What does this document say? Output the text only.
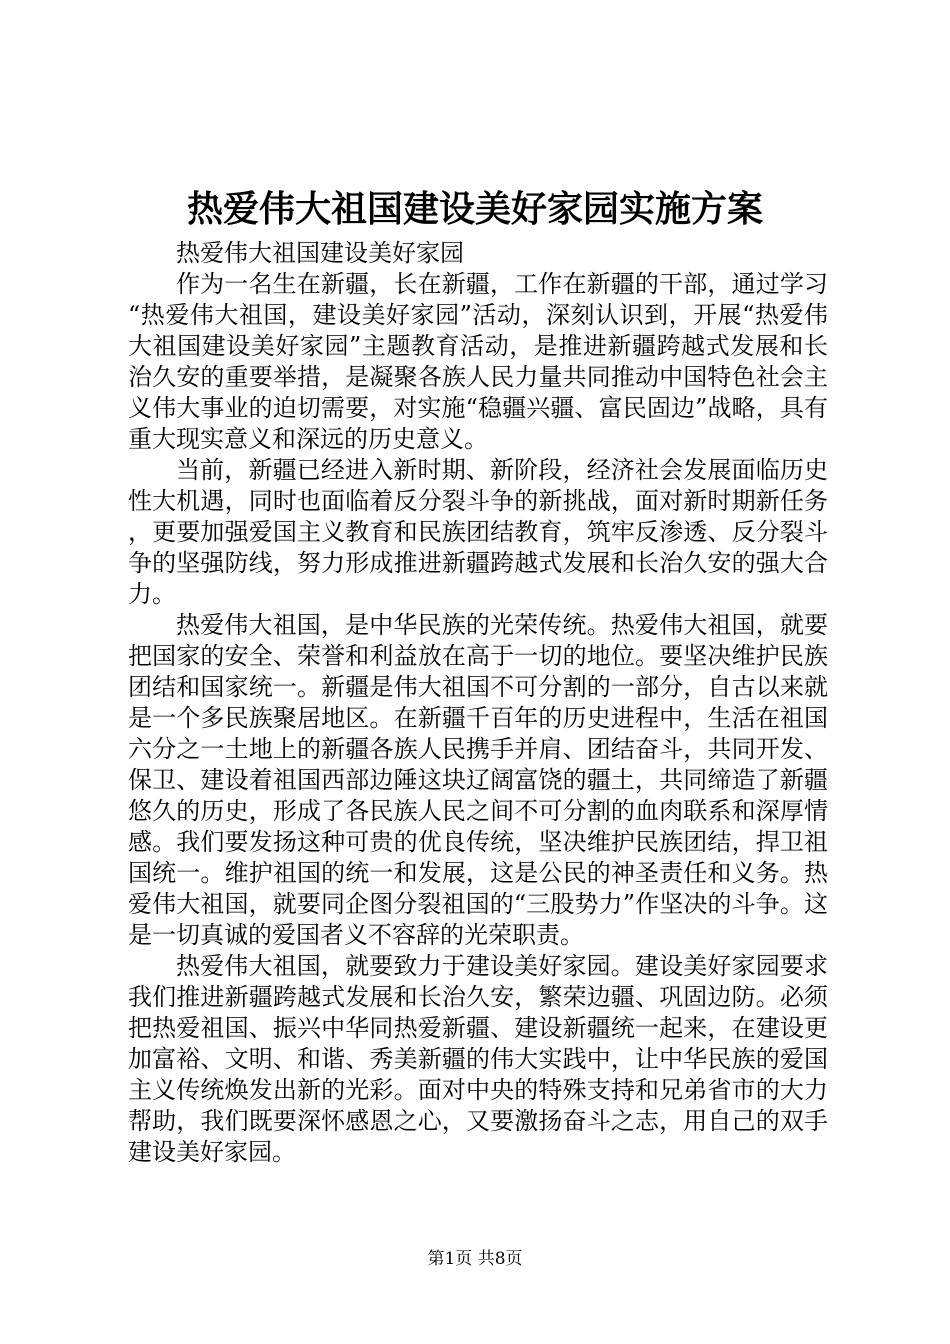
热爱伟大祖国建设美好家园实施方案

热爱伟大祖国建设美好家园

作为一名生在新疆，长在新疆，工作在新疆的干部，通过学习“热爱伟大祖国，建设美好家园”活动，深刻认识到，开展“热爱伟大祖国建设美好家园”主题教育活动，是推进新疆跨越式发展和长治久安的重要举措，是凝聚各族人民力量共同推动中国特色社会主义伟大事业的迫切需要，对实施“稳疆兴疆、富民固边”战略，具有重大现实意义和深远的历史意义。

当前，新疆已经进入新时期、新阶段，经济社会发展面临历史性大机遇，同时也面临着反分裂斗争的新挑战，面对新时期新任务，更要加强爱国主义教育和民族团结教育，筑牢反渗透、反分裂斗争的坚强防线，努力形成推进新疆跨越式发展和长治久安的强大合力。

热爱伟大祖国，是中华民族的光荣传统。热爱伟大祖国，就要把国家的安全、荣誉和利益放在高于一切的地位。要坚决维护民族团结和国家统一。新疆是伟大祖国不可分割的一部分，自古以来就是一个多民族聚居地区。在新疆千百年的历史进程中，生活在祖国六分之一土地上的新疆各族人民携手并肩、团结奋斗，共同开发、保卫、建设着祖国西部边陲这块辽阔富饶的疆土，共同缔造了新疆悠久的历史，形成了各民族人民之间不可分割的血肉联系和深厚情感。我们要发扬这种可贵的优良传统，坚决维护民族团结，捍卫祖国统一。维护祖国的统一和发展，这是公民的神圣责任和义务。热爱伟大祖国，就要同企图分裂祖国的“三股势力”作坚决的斗争。这是一切真诚的爱国者义不容辞的光荣职责。

热爱伟大祖国，就要致力于建设美好家园。建设美好家园要求我们推进新疆跨越式发展和长治久安，繁荣边疆、巩固边防。必须把热爱祖国、振兴中华同热爱新疆、建设新疆统一起来，在建设更加富裕、文明、和谐、秀美新疆的伟大实践中，让中华民族的爱国主义传统焕发出新的光彩。面对中央的特殊支持和兄弟省市的大力帮助，我们既要深怀感恩之心，又要激扬奋斗之志，用自己的双手建设美好家园。

第1页 共8页
